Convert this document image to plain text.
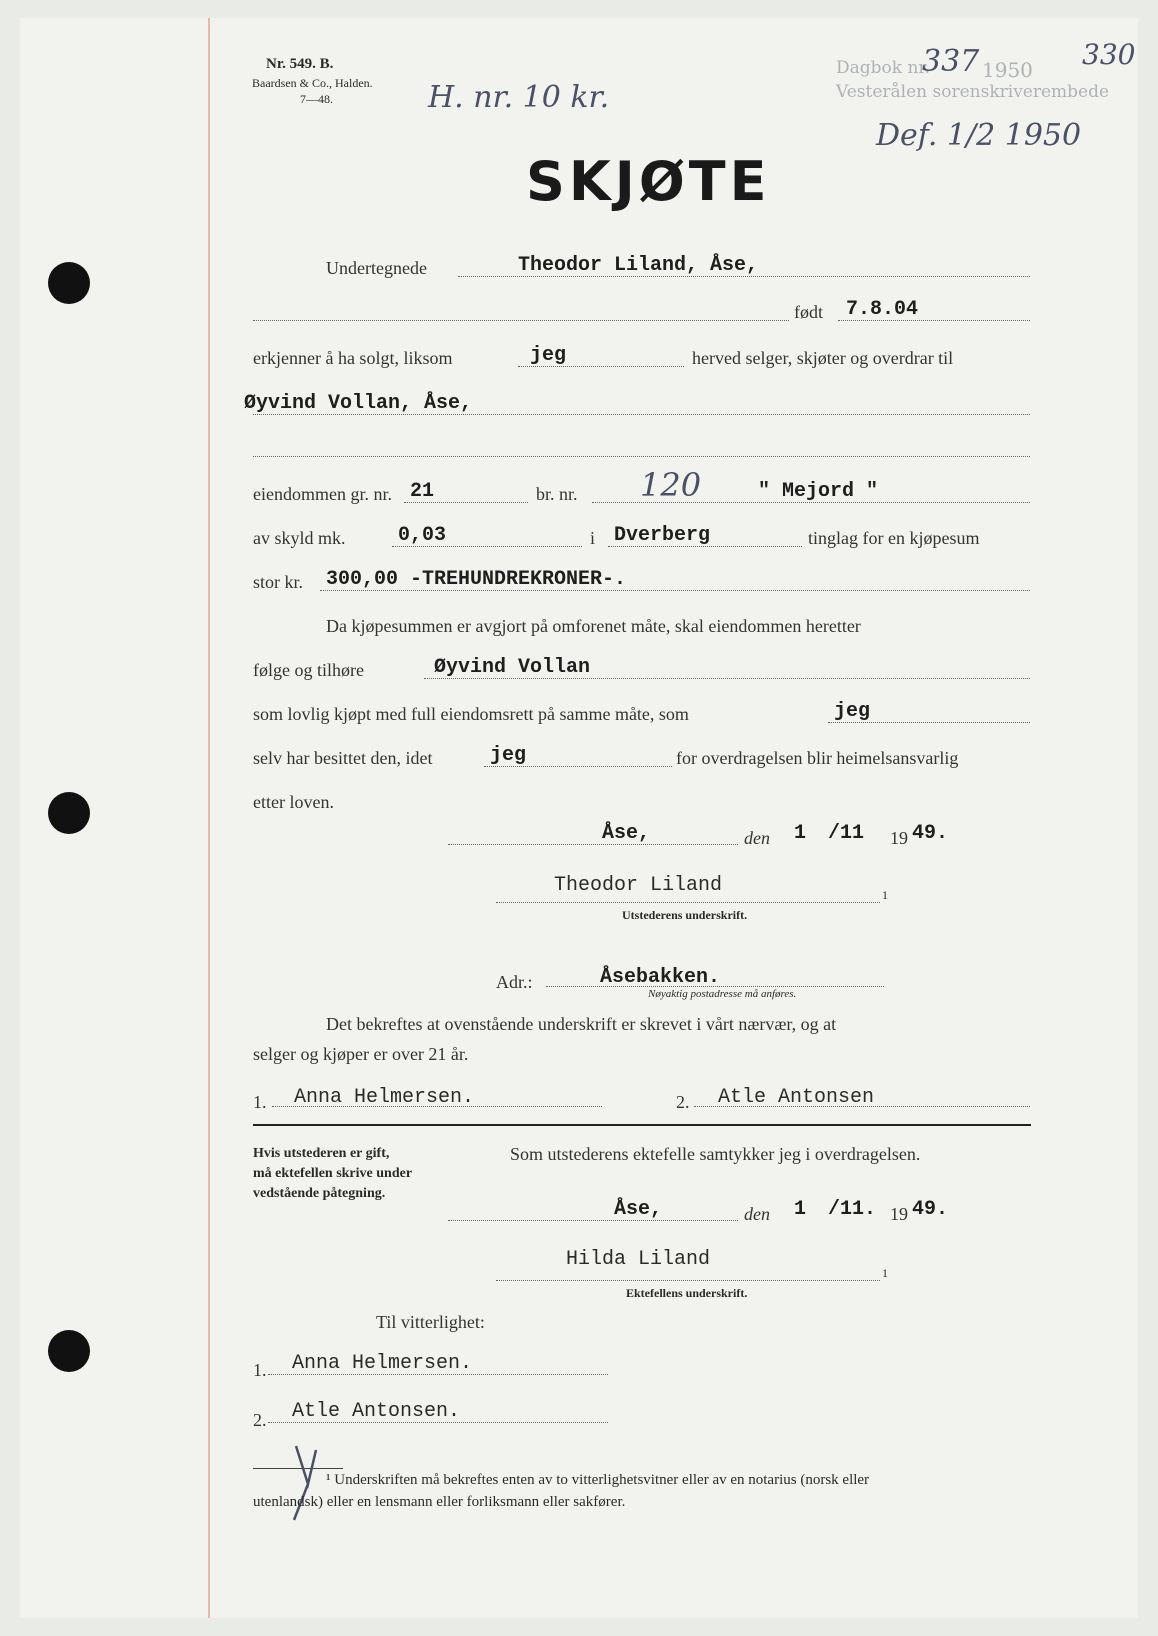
Nr. 549. B.
Baardsen & Co., Halden.
7—48.	H. nr. 10 kr.
Dagbok nr.
337 1950 330
Vesterålen sorenskriverembede
Def. 1/2 1950
SKJØTE
Undertegnede	Theodor Liland, Åse,
født 7.8.04
erkjenner å ha solgt, liksom	jeg	herved selger, skjøter og overdrar til
Øyvind Vollan, Åse,
eiendommen gr. nr. 21	br. nr. 120	" Mejord "
av skyld mk.	0,03	i Dverberg	tinglag for en kjøpesum
stor kr. 300,00 -TREHUNDREKRONER-.
Da kjøpesummen er avgjort på omforenet måte, skal eiendommen heretter
følge og tilhøre	Øyvind Vollan
som lovlig kjøpt med full eiendomsrett på samme måte, som	jeg
selv har besittet den, idet	jeg	for overdragelsen blir heimelsansvarlig
etter loven.
Åse,	den 1 /11 19 49.
Theodor Liland	1
Utstederens underskrift.
Adr.:	Åsebakken.
Nøyaktig postadresse må anføres.
Det bekreftes at ovenstående underskrift er skrevet i vårt nærvær, og at
selger og kjøper er over 21 år.
1. Anna Helmersen.	2. Atle Antonsen
Hvis utstederen er gift,
må ektefellen skrive under
vedstående påtegning.
Som utstederens ektefelle samtykker jeg i overdragelsen.
Åse,	den 1 /11. 19 49.
Hilda Liland
1
Ektefellens underskrift.
Til vitterlighet:
1. Anna Helmersen.
2. Atle Antonsen.
¹ Underskriften må bekreftes enten av to vitterlighetsvitner eller av en notarius (norsk eller
utenlandsk) eller en lensmann eller forliksmann eller sakfører.
